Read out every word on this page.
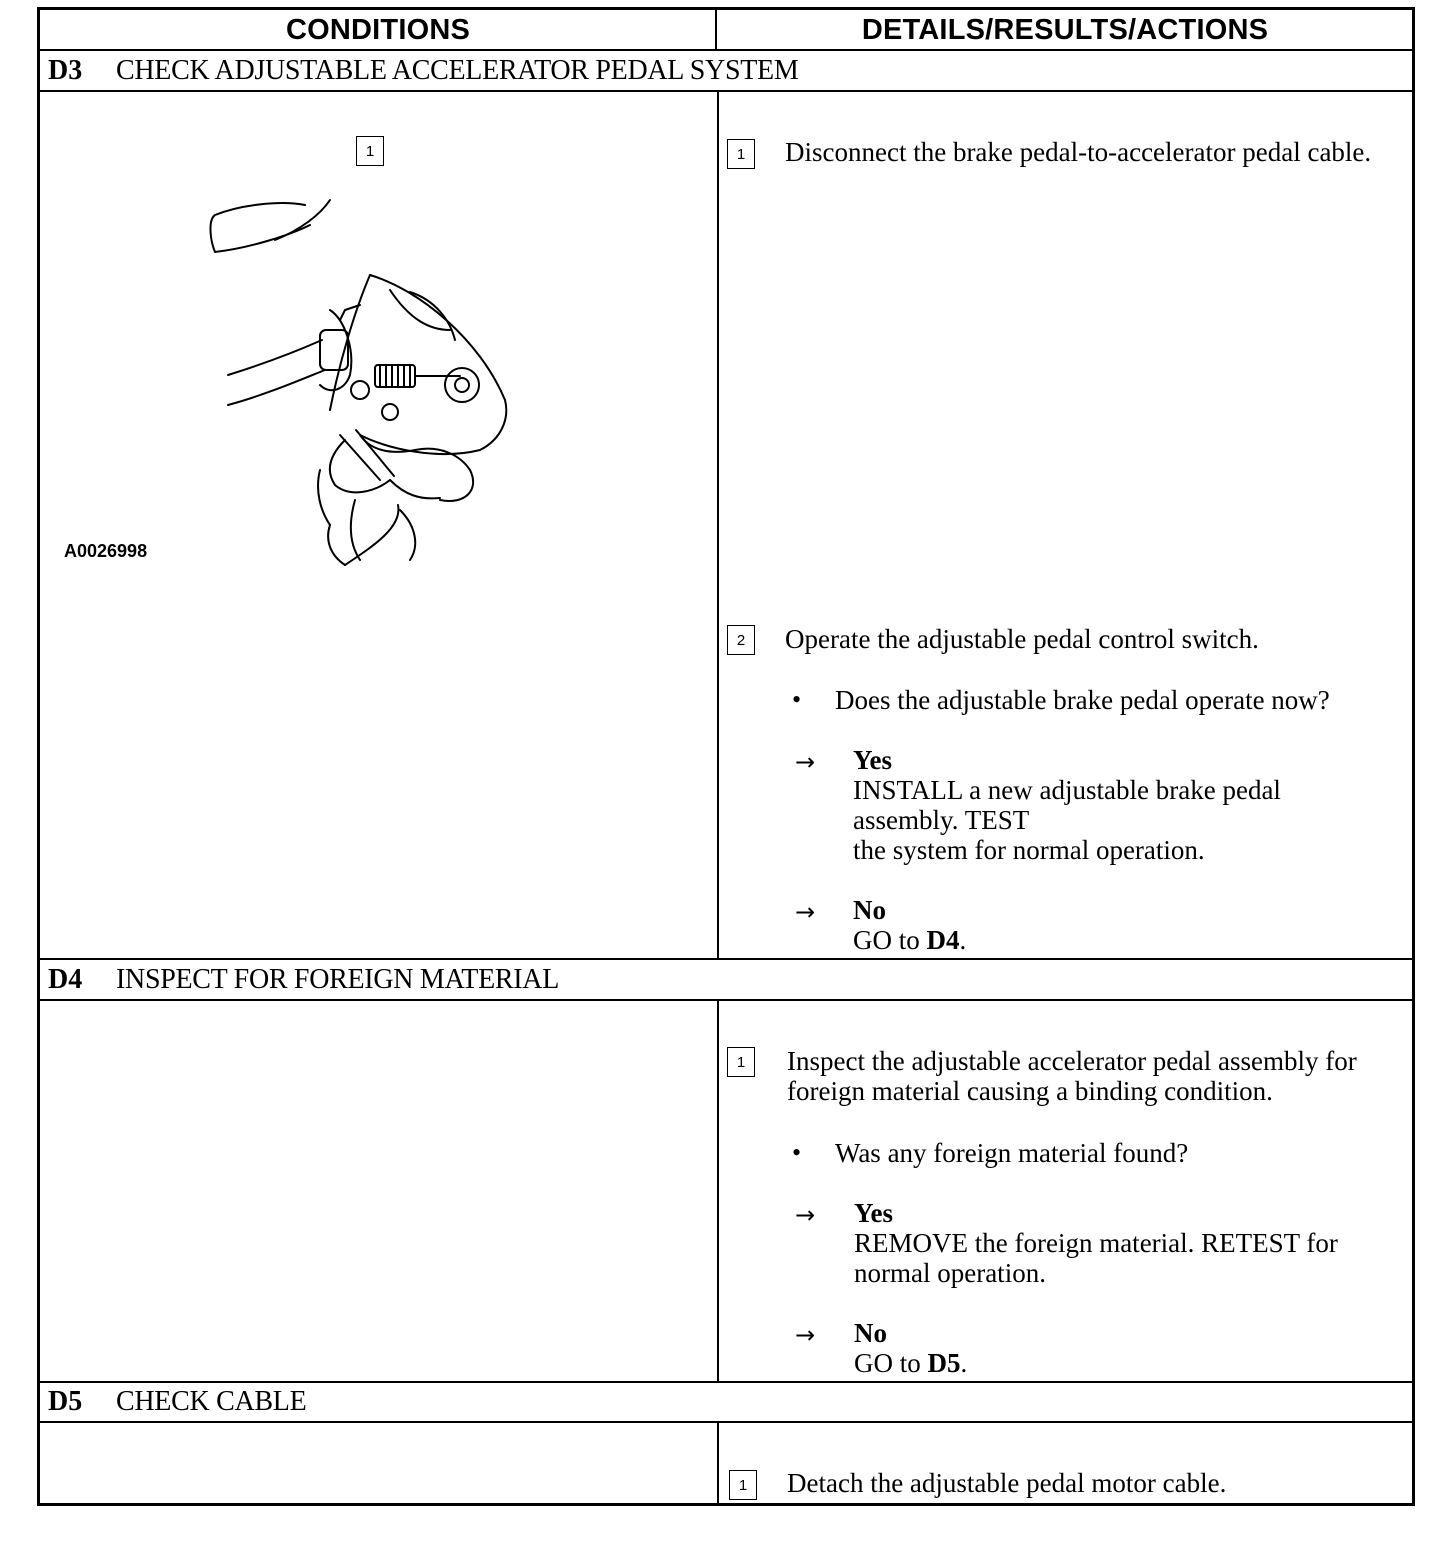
CONDITIONS	DETAILS/RESULTS/ACTIONS
D3	CHECK ADJUSTABLE ACCELERATOR PEDAL SYSTEM
1
A0026998
1	Disconnect the brake pedal-to-accelerator pedal cable.
2	Operate the adjustable pedal control switch.
• Does the adjustable brake pedal operate now?
→ Yes
INSTALL a new adjustable brake pedal
assembly. TEST
the system for normal operation.
→ No
GO to D4.
D4	INSPECT FOR FOREIGN MATERIAL
1	Inspect the adjustable accelerator pedal assembly for foreign material causing a binding condition.
• Was any foreign material found?
→ Yes
REMOVE the foreign material. RETEST for normal operation.
→ No
GO to D5.
D5	CHECK CABLE
1	Detach the adjustable pedal motor cable.
